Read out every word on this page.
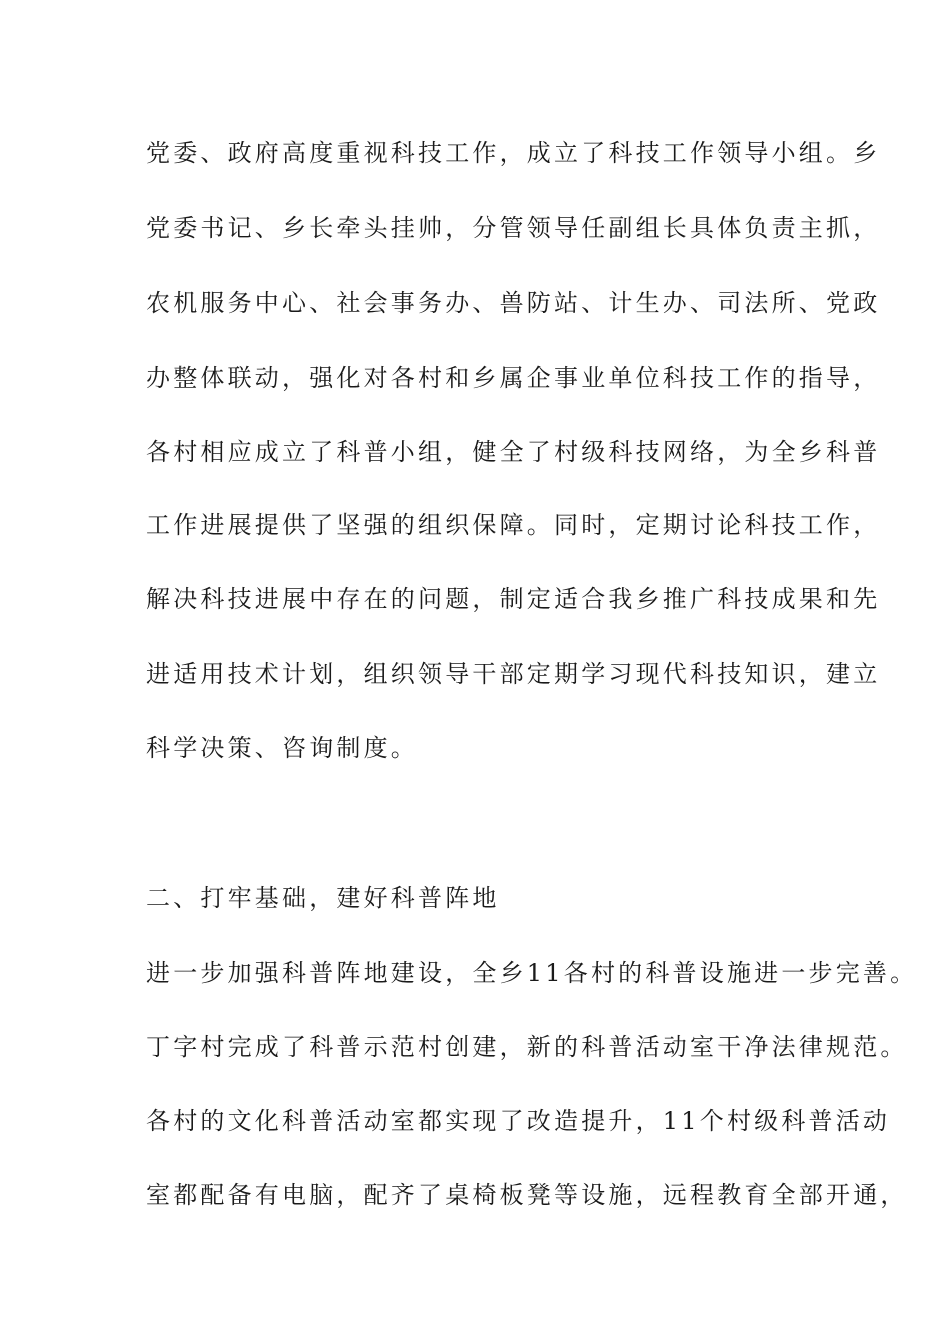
党委、政府高度重视科技工作，成立了科技工作领导小组。乡
党委书记、乡长牵头挂帅，分管领导任副组长具体负责主抓，
农机服务中心、社会事务办、兽防站、计生办、司法所、党政
办整体联动，强化对各村和乡属企事业单位科技工作的指导，
各村相应成立了科普小组，健全了村级科技网络，为全乡科普
工作进展提供了坚强的组织保障。同时，定期讨论科技工作，
解决科技进展中存在的问题，制定适合我乡推广科技成果和先
进适用技术计划，组织领导干部定期学习现代科技知识，建立
科学决策、咨询制度。
二、打牢基础，建好科普阵地
进一步加强科普阵地建设，全乡11各村的科普设施进一步完善。
丁字村完成了科普示范村创建，新的科普活动室干净法律规范。
各村的文化科普活动室都实现了改造提升，11个村级科普活动
室都配备有电脑，配齐了桌椅板凳等设施，远程教育全部开通，
